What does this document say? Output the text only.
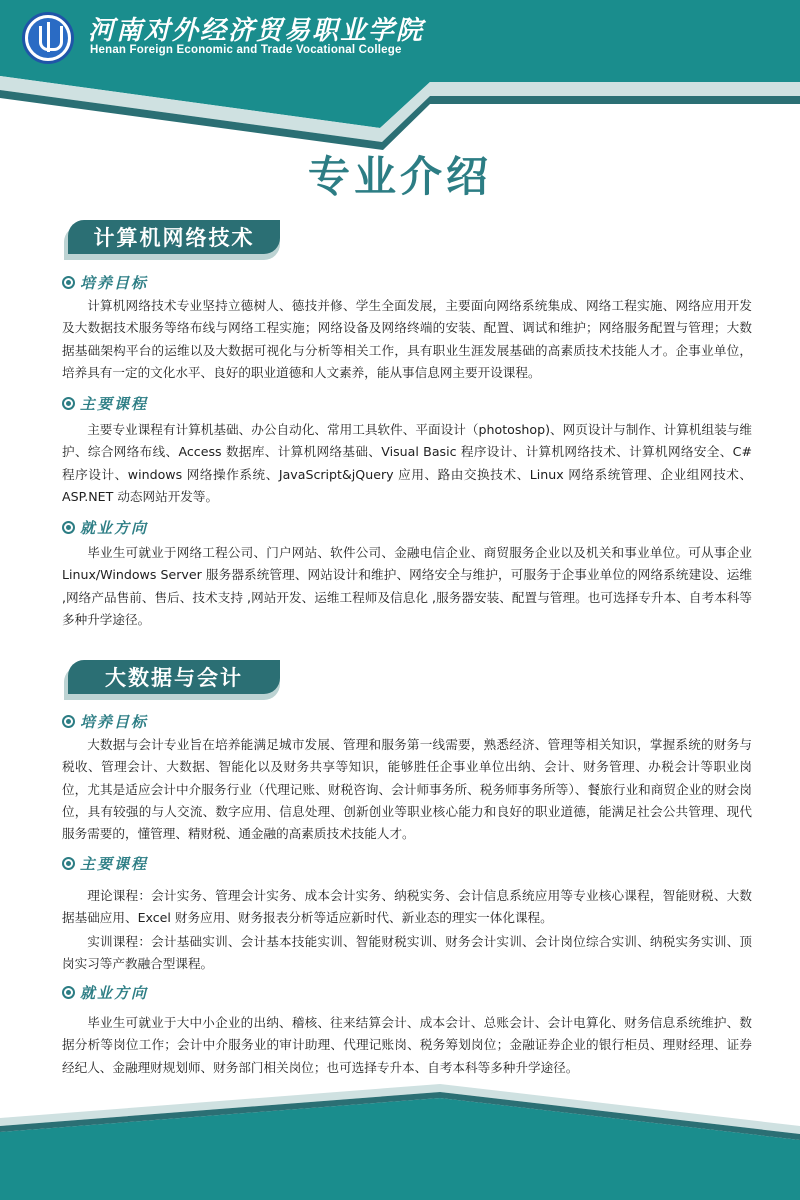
河南对外经济贸易职业学院
Henan Foreign Economic and Trade Vocational College
专业介绍
计算机网络技术
培养目标
计算机网络技术专业坚持立德树人、德技并修、学生全面发展，主要面向网络系统集成、网络工程实施、网络应用开发及大数据技术服务等络布线与网络工程实施；网络设备及网络终端的安装、配置、调试和维护；网络服务配置与管理；大数据基础架构平台的运维以及大数据可视化与分析等相关工作，具有职业生涯发展基础的高素质技术技能人才。企事业单位，培养具有一定的文化水平、良好的职业道德和人文素养，能从事信息网主要开设课程。
主要课程
主要专业课程有计算机基础、办公自动化、常用工具软件、平面设计（photoshop)、网页设计与制作、计算机组装与维护、综合网络布线、Access 数据库、计算机网络基础、Visual Basic 程序设计、计算机网络技术、计算机网络安全、C# 程序设计、windows 网络操作系统、JavaScript&jQuery 应用、路由交换技术、Linux 网络系统管理、企业组网技术、ASP.NET 动态网站开发等。
就业方向
毕业生可就业于网络工程公司、门户网站、软件公司、金融电信企业、商贸服务企业以及机关和事业单位。可从事企业 Linux/Windows Server 服务器系统管理、网站设计和维护、网络安全与维护，可服务于企事业单位的网络系统建设、运维 ,网络产品售前、售后、技术支持 ,网站开发、运维工程师及信息化 ,服务器安装、配置与管理。也可选择专升本、自考本科等多种升学途径。
大数据与会计
培养目标
大数据与会计专业旨在培养能满足城市发展、管理和服务第一线需要，熟悉经济、管理等相关知识，掌握系统的财务与税收、管理会计、大数据、智能化以及财务共享等知识，能够胜任企事业单位出纳、会计、财务管理、办税会计等职业岗位，尤其是适应会计中介服务行业（代理记账、财税咨询、会计师事务所、税务师事务所等）、餐旅行业和商贸企业的财会岗位，具有较强的与人交流、数字应用、信息处理、创新创业等职业核心能力和良好的职业道德，能满足社会公共管理、现代服务需要的，懂管理、精财税、通金融的高素质技术技能人才。
主要课程
理论课程：会计实务、管理会计实务、成本会计实务、纳税实务、会计信息系统应用等专业核心课程，智能财税、大数据基础应用、Excel 财务应用、财务报表分析等适应新时代、新业态的理实一体化课程。
实训课程：会计基础实训、会计基本技能实训、智能财税实训、财务会计实训、会计岗位综合实训、纳税实务实训、顶岗实习等产教融合型课程。
就业方向
毕业生可就业于大中小企业的出纳、稽核、往来结算会计、成本会计、总账会计、会计电算化、财务信息系统维护、数据分析等岗位工作；会计中介服务业的审计助理、代理记账岗、税务筹划岗位；金融证券企业的银行柜员、理财经理、证券经纪人、金融理财规划师、财务部门相关岗位；也可选择专升本、自考本科等多种升学途径。
